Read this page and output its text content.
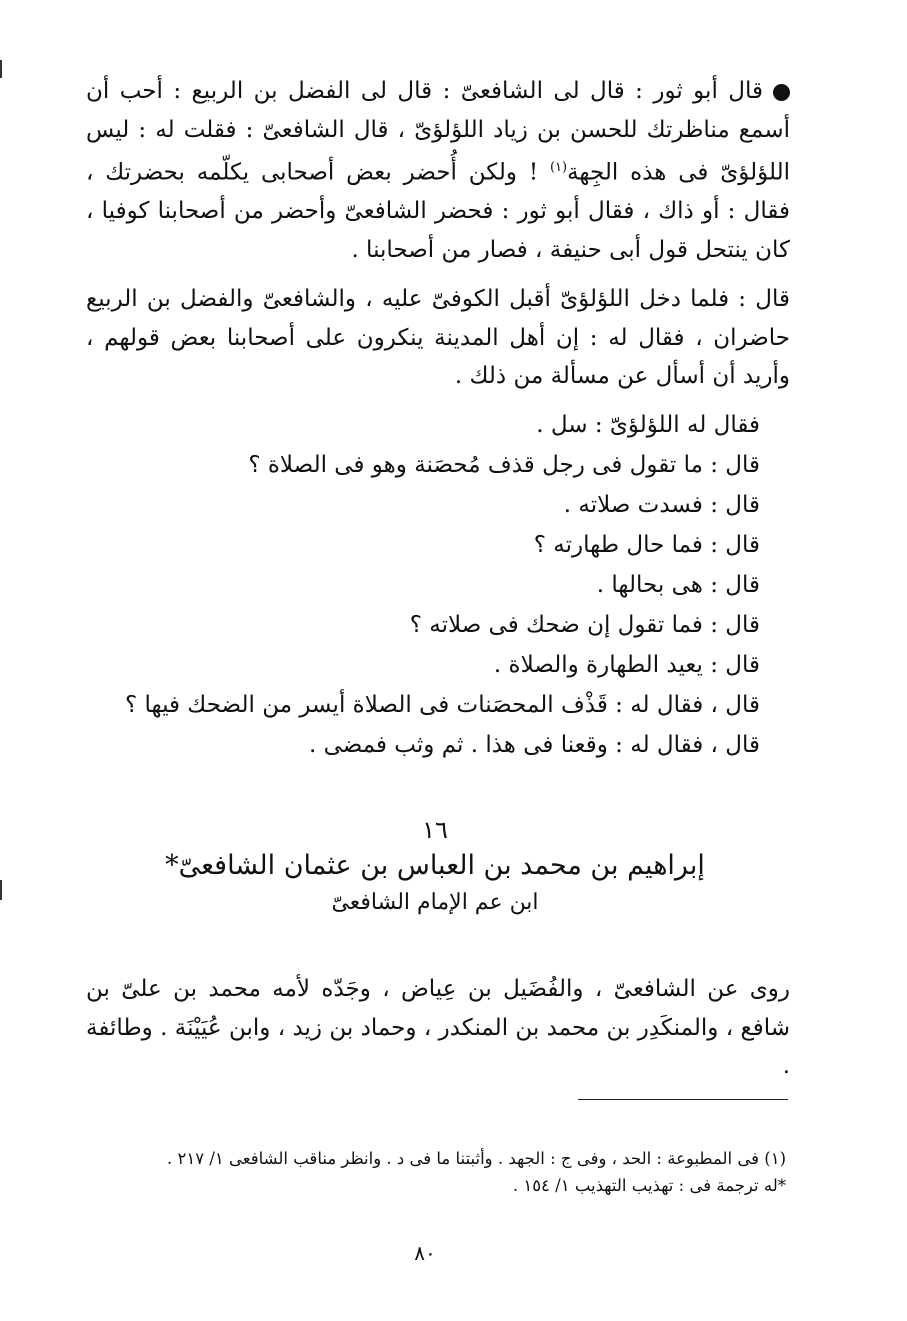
قال أبو ثور : قال لى الشافعىّ : قال لى الفضل بن الربيع : أحب أن أسمع مناظرتك للحسن بن زياد اللؤلؤىّ ، قال الشافعىّ : فقلت له : ليس اللؤلؤىّ فى هذه الجِهة$^{(١)}$ ! ولكن أُحضر بعض أصحابى يكلّمه بحضرتك ، فقال : أو ذاك ، فقال أبو ثور : فحضر الشافعىّ وأحضر من أصحابنا كوفيا ، كان ينتحل قول أبى حنيفة ، فصار من أصحابنا .

قال : فلما دخل اللؤلؤىّ أقبل الكوفىّ عليه ، والشافعىّ والفضل بن الربيع حاضران ، فقال له : إن أهل المدينة ينكرون على أصحابنا بعض قولهم ، وأريد أن أسأل عن مسألة من ذلك .

فقال له اللؤلؤىّ : سل .
قال : ما تقول فى رجل قذف مُحصَنة وهو فى الصلاة ؟
قال : فسدت صلاته .
قال : فما حال طهارته ؟
قال : هى بحالها .
قال : فما تقول إن ضحك فى صلاته ؟
قال : يعيد الطهارة والصلاة .
قال ، فقال له : قَذْف المحصَنات فى الصلاة أيسر من الضحك فيها ؟
قال ، فقال له : وقعنا فى هذا . ثم وثب فمضى .
١٦
إبراهيم بن محمد بن العباس بن عثمان الشافعىّ*
ابن عم الإمام الشافعىّ

روى عن الشافعىّ ، والفُضَيل بن عِياض ، وجَدّه لأمه محمد بن علىّ بن شافع ، والمنكَدِر بن محمد بن المنكدر ، وحماد بن زيد ، وابن عُيَيْنَة . وطائفة .

(١) فى المطبوعة : الحد ، وفى ج : الجهد . وأثبتنا ما فى د . وانظر مناقب الشافعى ١/ ٢١٧ .
*له ترجمة فى : تهذيب التهذيب ١/ ١٥٤ .
٨٠
